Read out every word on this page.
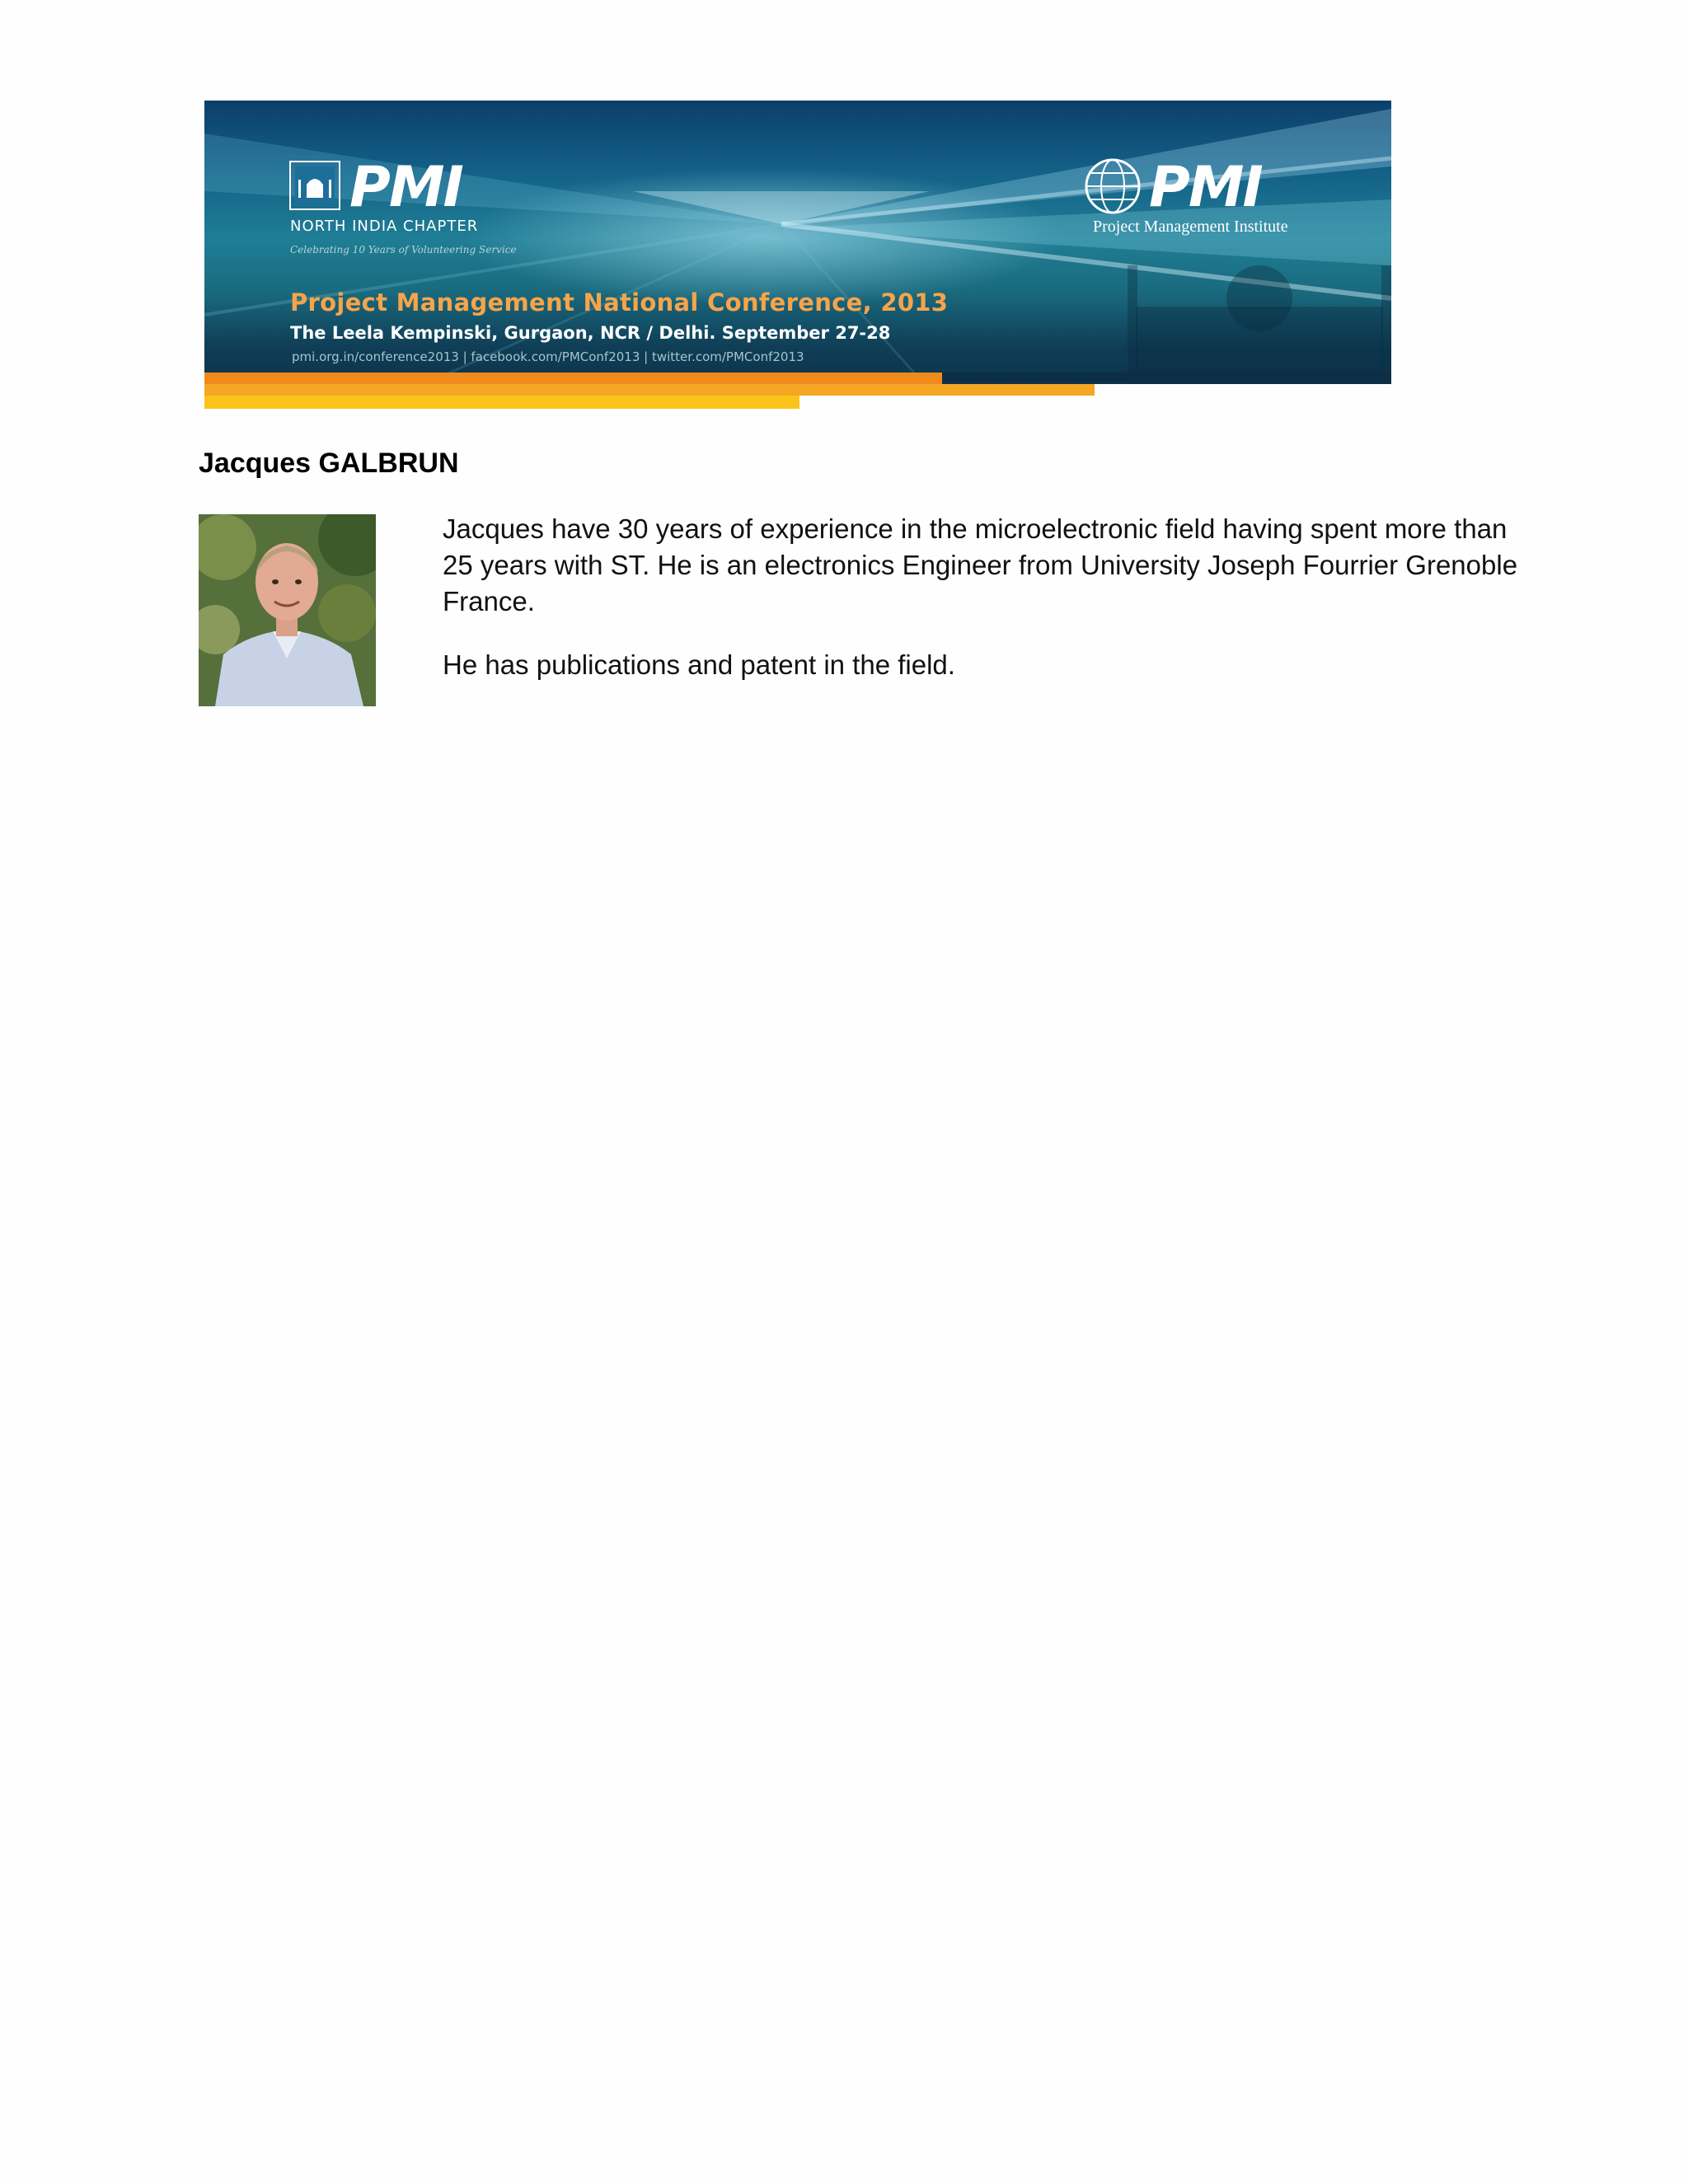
PMI
NORTH INDIA CHAPTER
Celebrating 10 Years of Volunteering Service
PMI
Project Management Institute
Project Management National Conference, 2013
The Leela Kempinski, Gurgaon, NCR / Delhi. September 27-28
pmi.org.in/conference2013 | facebook.com/PMConf2013 | twitter.com/PMConf2013
Jacques GALBRUN

Jacques have 30 years of experience in the microelectronic field having spent more than 25 years with ST. He is an electronics Engineer from University Joseph Fourrier Grenoble France.

He has publications and patent in the field.
